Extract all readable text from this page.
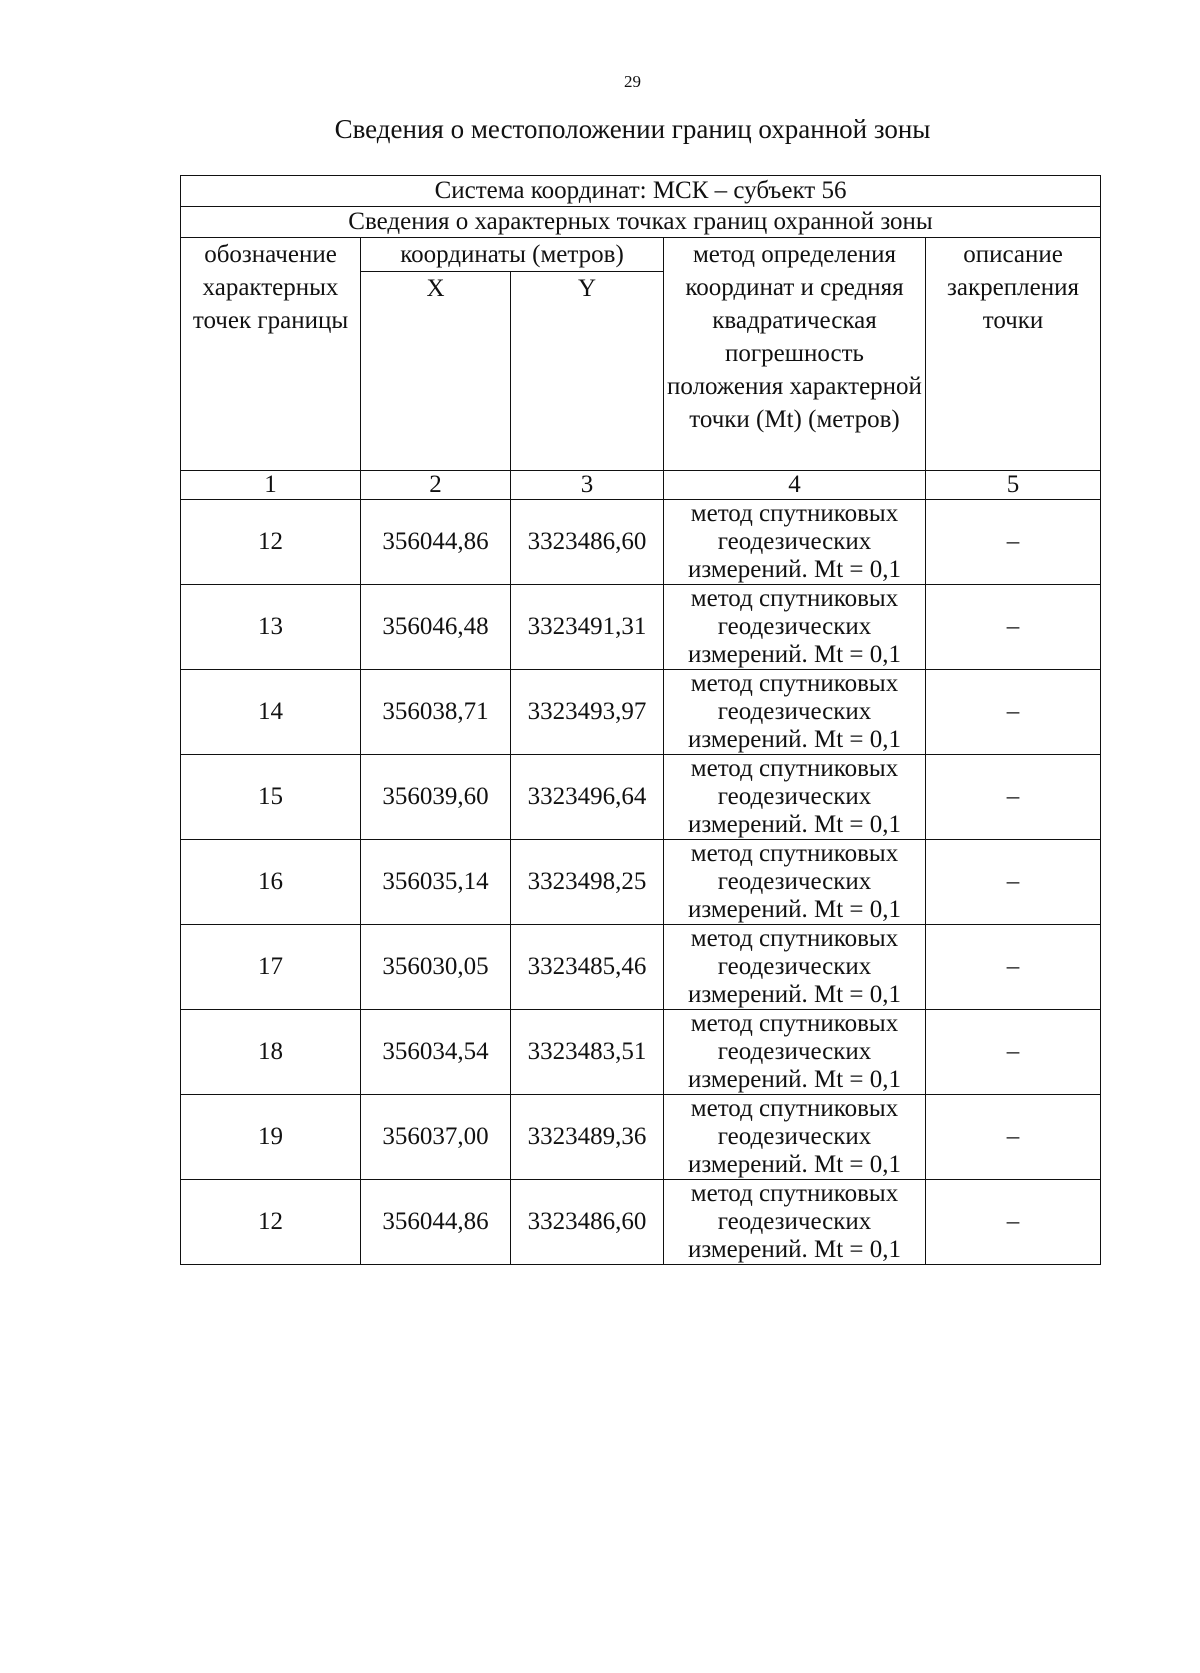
29
Сведения о местоположении границ охранной зоны
Система координат: МСК – субъект 56				
Сведения о характерных точках границ охранной зоны				
обозначение характерных точек границы	координаты (метров)		метод определения координат и средняя квадратическая погрешность положения характерной точки (Mt) (метров)	описание закрепления точки
	X	Y		
1	2	3	4	5
12	356044,86	3323486,60	метод спутниковых геодезических измерений. Mt = 0,1	–
13	356046,48	3323491,31	метод спутниковых геодезических измерений. Mt = 0,1	–
14	356038,71	3323493,97	метод спутниковых геодезических измерений. Mt = 0,1	–
15	356039,60	3323496,64	метод спутниковых геодезических измерений. Mt = 0,1	–
16	356035,14	3323498,25	метод спутниковых геодезических измерений. Mt = 0,1	–
17	356030,05	3323485,46	метод спутниковых геодезических измерений. Mt = 0,1	–
18	356034,54	3323483,51	метод спутниковых геодезических измерений. Mt = 0,1	–
19	356037,00	3323489,36	метод спутниковых геодезических измерений. Mt = 0,1	–
12	356044,86	3323486,60	метод спутниковых геодезических измерений. Mt = 0,1	–
